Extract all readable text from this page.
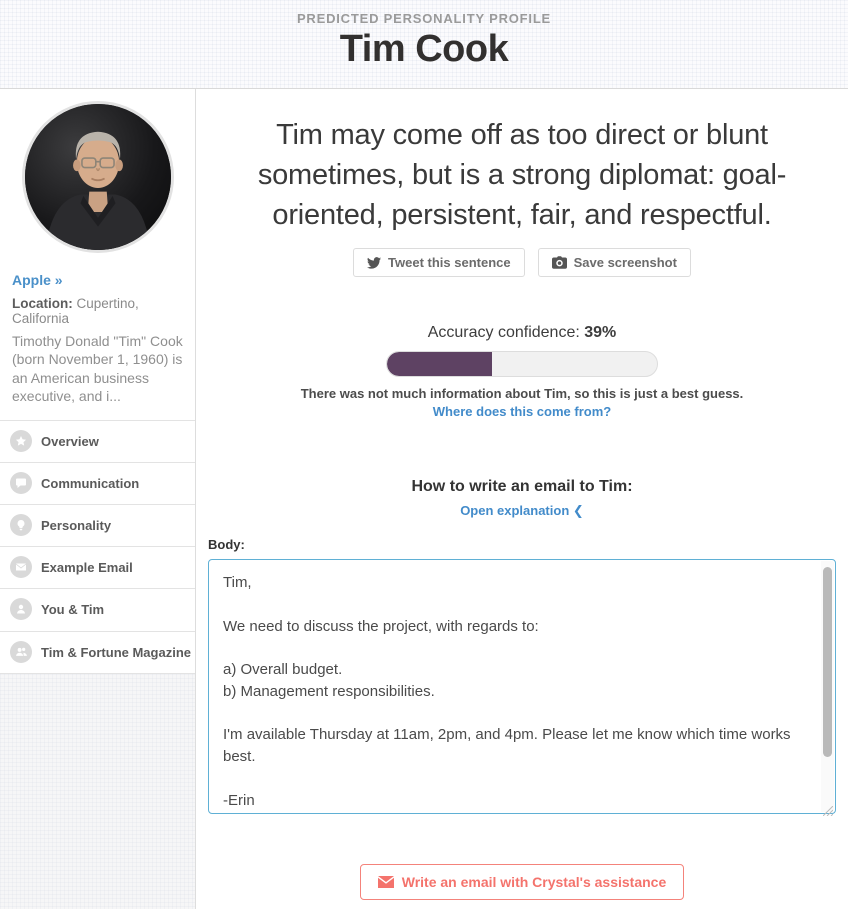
PREDICTED PERSONALITY PROFILE
Tim Cook
Apple »
Location: Cupertino, California
Timothy Donald "Tim" Cook (born November 1, 1960) is an American business executive, and i...
Overview
Communication
Personality
Example Email
You & Tim
Tim & Fortune Magazine
Tim may come off as too direct or blunt sometimes, but is a strong diplomat: goal-oriented, persistent, fair, and respectful.
Tweet this sentence	Save screenshot
Accuracy confidence: 39%
There was not much information about Tim, so this is just a best guess.
Where does this come from?
How to write an email to Tim:
Open explanation ❮
Body:
Tim, We need to discuss the project, with regards to: a) Overall budget. b) Management responsibilities. I'm available Thursday at 11am, 2pm, and 4pm. Please let me know which time works best. -Erin
Write an email with Crystal's assistance
